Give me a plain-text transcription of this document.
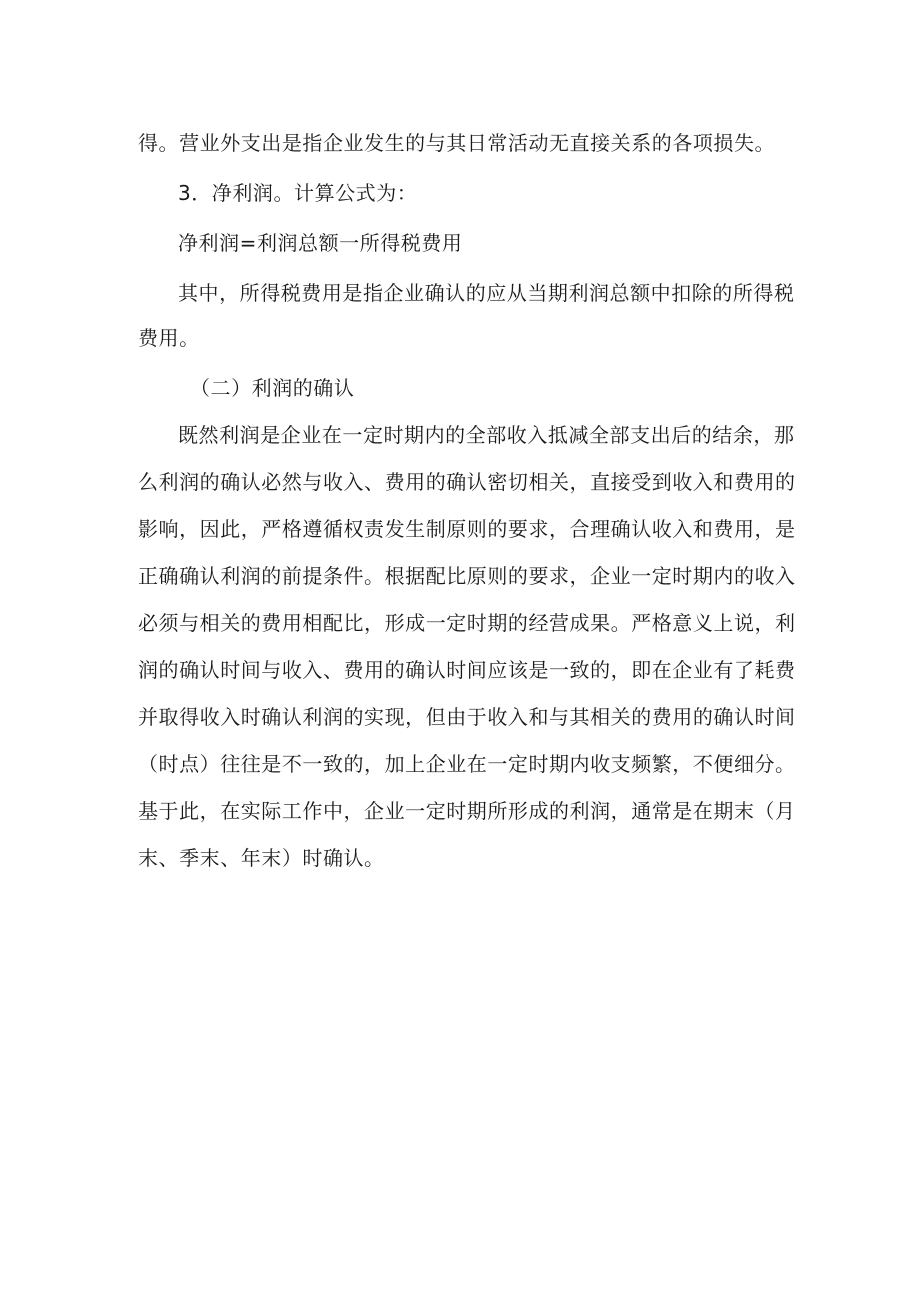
得。营业外支出是指企业发生的与其日常活动无直接关系的各项损失。
3．净利润。计算公式为：
净利润=利润总额一所得税费用
其中，所得税费用是指企业确认的应从当期利润总额中扣除的所得税
费用。
（二）利润的确认
既然利润是企业在一定时期内的全部收入抵减全部支出后的结余，那
么利润的确认必然与收入、费用的确认密切相关，直接受到收入和费用的
影响，因此，严格遵循权责发生制原则的要求，合理确认收入和费用，是
正确确认利润的前提条件。根据配比原则的要求，企业一定时期内的收入
必须与相关的费用相配比，形成一定时期的经营成果。严格意义上说，利
润的确认时间与收入、费用的确认时间应该是一致的，即在企业有了耗费
并取得收入时确认利润的实现，但由于收入和与其相关的费用的确认时间
（时点）往往是不一致的，加上企业在一定时期内收支频繁，不便细分。
基于此，在实际工作中，企业一定时期所形成的利润，通常是在期末（月
末、季末、年末）时确认。
